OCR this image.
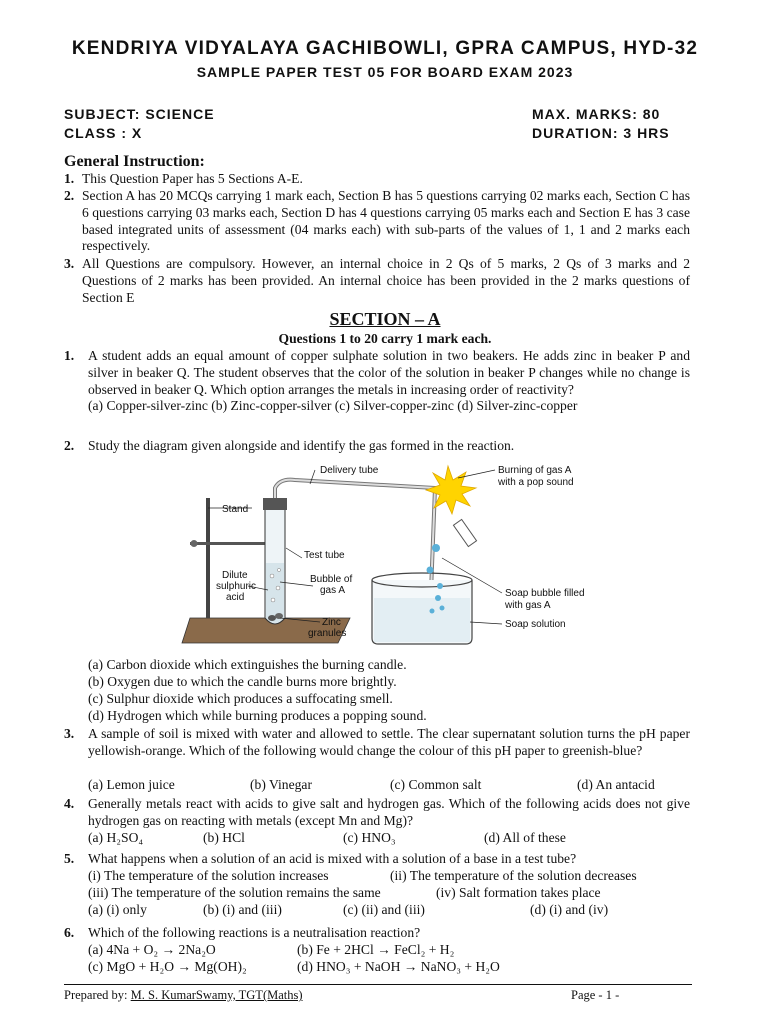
KENDRIYA VIDYALAYA GACHIBOWLI, GPRA CAMPUS, HYD-32
SAMPLE PAPER TEST 05 FOR BOARD EXAM 2023
SUBJECT: SCIENCE	MAX. MARKS: 80
CLASS : X	DURATION: 3 HRS
General Instruction:
1. This Question Paper has 5 Sections A-E.
2. Section A has 20 MCQs carrying 1 mark each, Section B has 5 questions carrying 02 marks each, Section C has 6 questions carrying 03 marks each, Section D has 4 questions carrying 05 marks each and Section E has 3 case based integrated units of assessment (04 marks each) with sub-parts of the values of 1, 1 and 2 marks each respectively.
3. All Questions are compulsory. However, an internal choice in 2 Qs of 5 marks, 2 Qs of 3 marks and 2 Questions of 2 marks has been provided. An internal choice has been provided in the 2 marks questions of Section E
SECTION – A
Questions 1 to 20 carry 1 mark each.
1. A student adds an equal amount of copper sulphate solution in two beakers. He adds zinc in beaker P and silver in beaker Q. The student observes that the color of the solution in beaker P changes while no change is observed in beaker Q. Which option arranges the metals in increasing order of reactivity?
(a) Copper-silver-zinc (b) Zinc-copper-silver (c) Silver-copper-zinc (d) Silver-zinc-copper
2. Study the diagram given alongside and identify the gas formed in the reaction.
Delivery tube	Burning of gas A
with a pop sound
Stand
Test tube
Dilute
sulphuric
acid
Bubble of
gas A
Zinc
granules
Soap bubble filled
with gas A
Soap solution
(a) Carbon dioxide which extinguishes the burning candle.
(b) Oxygen due to which the candle burns more brightly.
(c) Sulphur dioxide which produces a suffocating smell.
(d) Hydrogen which while burning produces a popping sound.
3. A sample of soil is mixed with water and allowed to settle. The clear supernatant solution turns the pH paper yellowish-orange. Which of the following would change the colour of this pH paper to greenish-blue?
(a) Lemon juice	(b) Vinegar	(c) Common salt	(d) An antacid
4. Generally metals react with acids to give salt and hydrogen gas. Which of the following acids does not give hydrogen gas on reacting with metals (except Mn and Mg)?
(a) H₂SO₄	(b) HCl	(c) HNO₃	(d) All of these
5. What happens when a solution of an acid is mixed with a solution of a base in a test tube?
(i) The temperature of the solution increases	(ii) The temperature of the solution decreases
(iii) The temperature of the solution remains the same	(iv) Salt formation takes place
(a) (i) only	(b) (i) and (iii)	(c) (ii) and (iii)	(d) (i) and (iv)
6. Which of the following reactions is a neutralisation reaction?
(a) 4Na + O₂ → 2Na₂O	(b) Fe + 2HCl → FeCl₂ + H₂
(c) MgO + H₂O → Mg(OH)₂	(d) HNO₃ + NaOH → NaNO₃ + H₂O
Prepared by: M. S. KumarSwamy, TGT(Maths)	Page - 1 -
